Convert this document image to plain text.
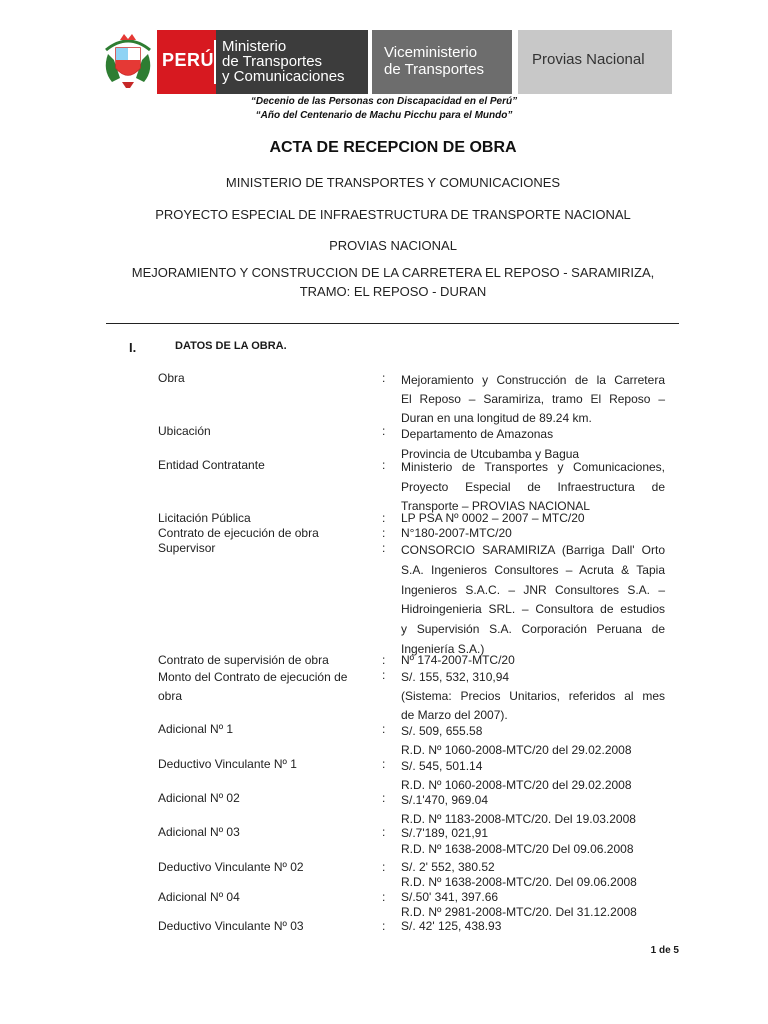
PERÚ
Ministerio
de Transportes
y Comunicaciones
Viceministerio
de Transportes
Provias Nacional
“Decenio de las Personas con Discapacidad en el Perú”
“Año del Centenario de Machu Picchu para el Mundo”
ACTA DE RECEPCION DE OBRA
MINISTERIO DE TRANSPORTES Y COMUNICACIONES
PROYECTO ESPECIAL DE INFRAESTRUCTURA DE TRANSPORTE NACIONAL
PROVIAS NACIONAL
MEJORAMIENTO Y CONSTRUCCION DE LA CARRETERA EL REPOSO - SARAMIRIZA,
TRAMO: EL REPOSO - DURAN
I.	DATOS DE LA OBRA.
Obra	: Mejoramiento y Construcción de la Carretera
El Reposo – Saramiriza, tramo El Reposo –
Duran en una longitud de 89.24 km.
Ubicación	: Departamento de Amazonas
Provincia de Utcubamba y Bagua
Entidad Contratante	: Ministerio de Transportes y Comunicaciones,
Proyecto Especial de Infraestructura de
Transporte – PROVIAS NACIONAL
Licitación Pública	: LP PSA Nº 0002 – 2007 – MTC/20
Contrato de ejecución de obra	: N°180-2007-MTC/20
Supervisor	: CONSORCIO SARAMIRIZA (Barriga Dall' Orto
S.A. Ingenieros Consultores – Acruta & Tapia
Ingenieros S.A.C. – JNR Consultores S.A. –
Hidroingenieria SRL. – Consultora de estudios
y Supervisión S.A. Corporación Peruana de
Ingeniería S.A.)
Contrato de supervisión de obra	: Nº 174-2007-MTC/20
Monto del Contrato de ejecución de
obra
: S/. 155, 532, 310,94
(Sistema: Precios Unitarios, referidos al mes
de Marzo del 2007).
Adicional Nº 1	: S/. 509, 655.58
R.D. Nº 1060-2008-MTC/20 del 29.02.2008
Deductivo Vinculante Nº 1	: S/. 545, 501.14
R.D. Nº 1060-2008-MTC/20 del 29.02.2008
Adicional Nº 02	: S/.1'470, 969.04
R.D. Nº 1183-2008-MTC/20. Del 19.03.2008
Adicional Nº 03	: S/.7'189, 021,91
R.D. Nº 1638-2008-MTC/20 Del 09.06.2008
Deductivo Vinculante Nº 02	: S/. 2' 552, 380.52
R.D. Nº 1638-2008-MTC/20. Del 09.06.2008
Adicional Nº 04	: S/.50' 341, 397.66
R.D. Nº 2981-2008-MTC/20. Del 31.12.2008
Deductivo Vinculante Nº 03	: S/. 42' 125, 438.93
1 de 5
